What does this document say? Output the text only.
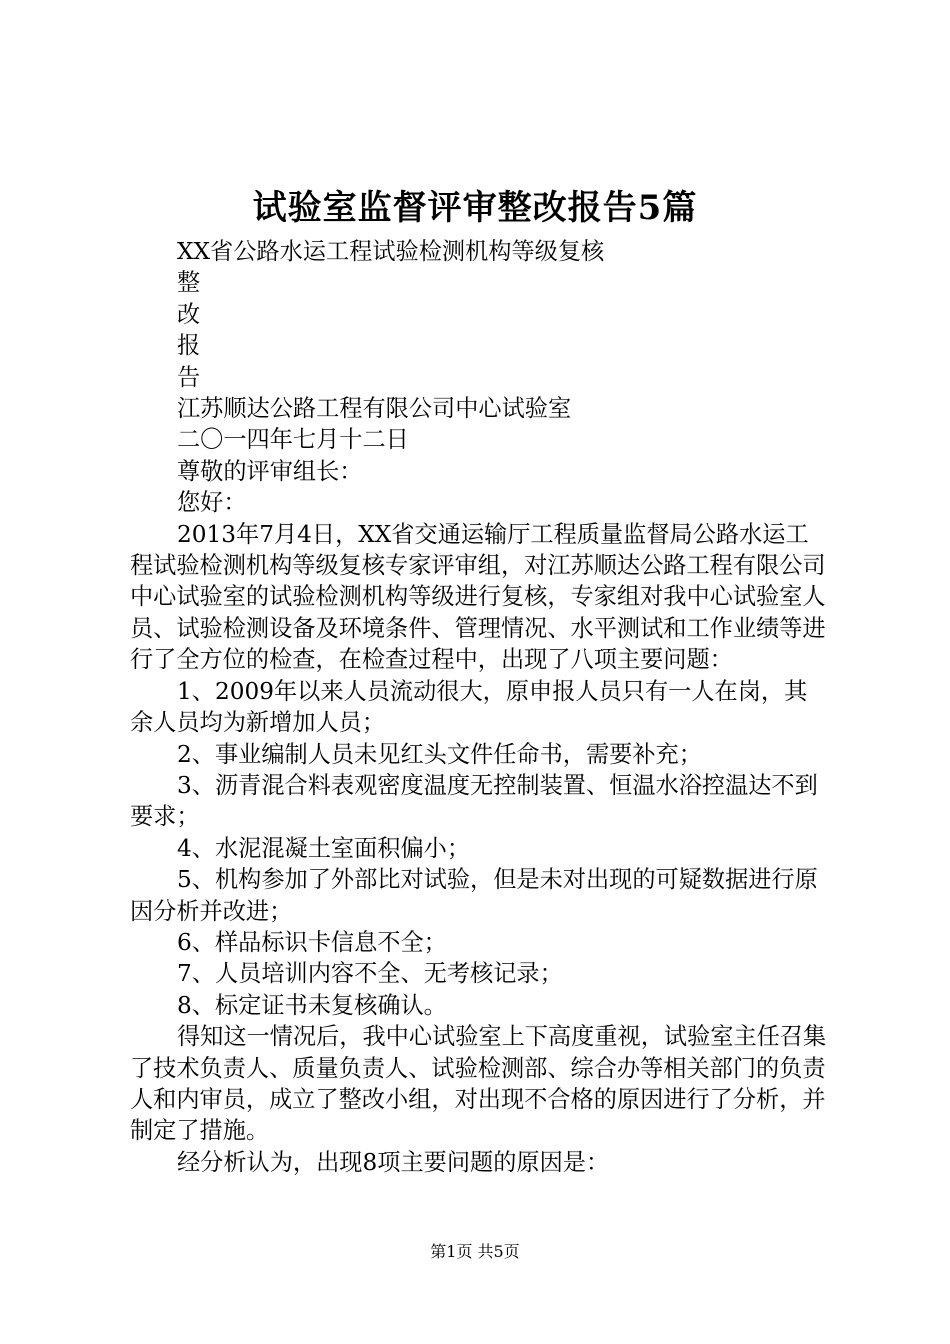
试验室监督评审整改报告5篇

XX省公路水运工程试验检测机构等级复核

整

改

报

告

江苏顺达公路工程有限公司中心试验室

二〇一四年七月十二日

尊敬的评审组长：

您好：

2013年7月4日，XX省交通运输厅工程质量监督局公路水运工程试验检测机构等级复核专家评审组，对江苏顺达公路工程有限公司中心试验室的试验检测机构等级进行复核，专家组对我中心试验室人员、试验检测设备及环境条件、管理情况、水平测试和工作业绩等进行了全方位的检查，在检查过程中，出现了八项主要问题：

1、2009年以来人员流动很大，原申报人员只有一人在岗，其余人员均为新增加人员；

2、事业编制人员未见红头文件任命书，需要补充；

3、沥青混合料表观密度温度无控制装置、恒温水浴控温达不到要求；

4、水泥混凝土室面积偏小；

5、机构参加了外部比对试验，但是未对出现的可疑数据进行原因分析并改进；

6、样品标识卡信息不全；

7、人员培训内容不全、无考核记录；

8、标定证书未复核确认。

得知这一情况后，我中心试验室上下高度重视，试验室主任召集了技术负责人、质量负责人、试验检测部、综合办等相关部门的负责人和内审员，成立了整改小组，对出现不合格的原因进行了分析，并制定了措施。

经分析认为，出现8项主要问题的原因是：

第1页 共5页
